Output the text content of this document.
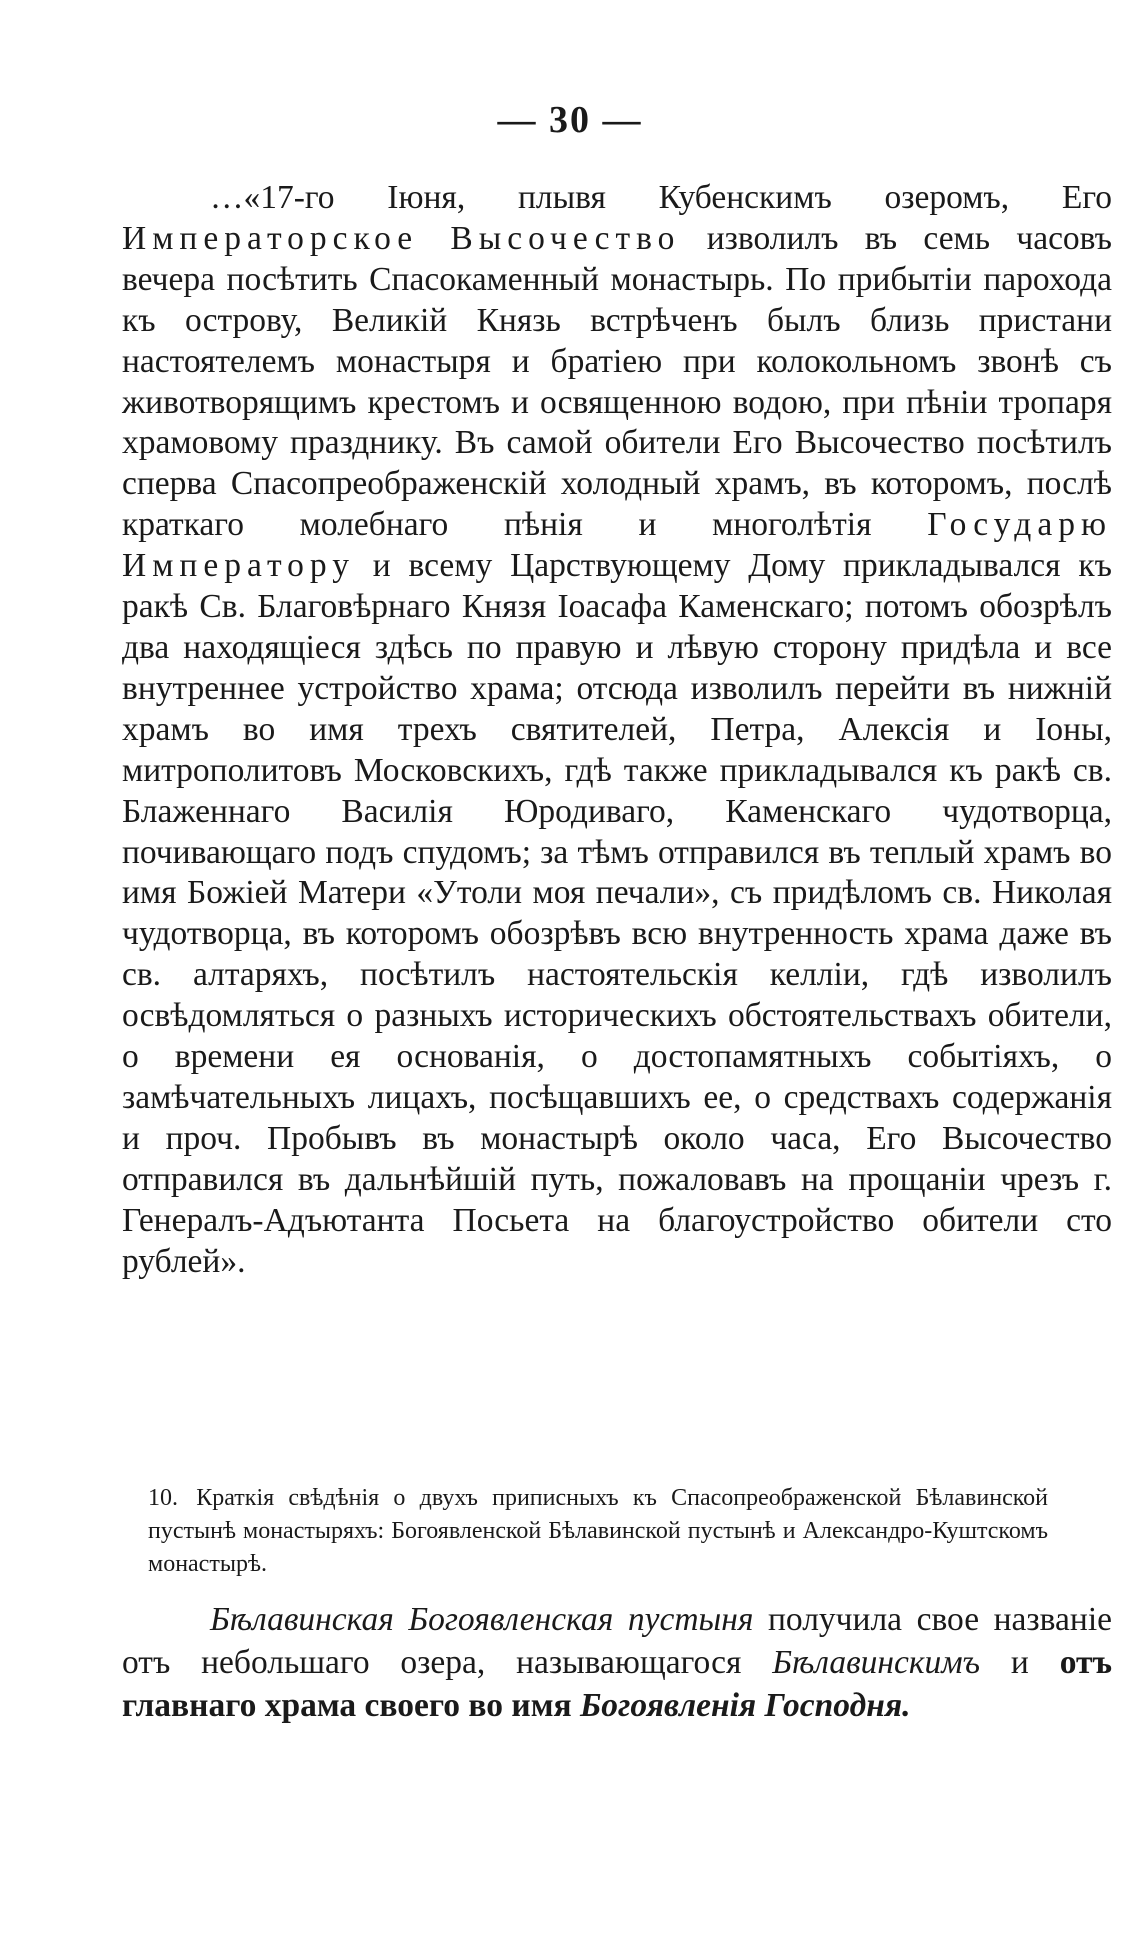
— 30 —

…«17-го Іюня, плывя Кубенскимъ озеромъ, Его Императорское Высочество изволилъ въ семь часовъ вечера посѣтить Спасокаменный монастырь. По прибытіи парохода къ острову, Великій Князь встрѣченъ былъ близь пристани настоятелемъ монастыря и братіею при колокольномъ звонѣ съ животворящимъ крестомъ и освященною водою, при пѣніи тропаря храмовому празднику. Въ самой обители Его Высочество посѣтилъ сперва Спасопреображенскій холодный храмъ, въ которомъ, послѣ краткаго молебнаго пѣнія и многолѣтія Государю Императору и всему Царствующему Дому прикладывался къ ракѣ Св. Благовѣрнаго Князя Іоасафа Каменскаго; потомъ обозрѣлъ два находящіеся здѣсь по правую и лѣвую сторону придѣла и все внутреннее устройство храма; отсюда изволилъ перейти въ нижній храмъ во имя трехъ святителей, Петра, Алексія и Іоны, митрополитовъ Московскихъ, гдѣ также прикладывался къ ракѣ св. Блаженнаго Василія Юродиваго, Каменскаго чудотворца, почивающаго подъ спудомъ; за тѣмъ отправился въ теплый храмъ во имя Божіей Матери «Утоли моя печали», съ придѣломъ св. Николая чудотворца, въ которомъ обозрѣвъ всю внутренность храма даже въ св. алтаряхъ, посѣтилъ настоятельскія келліи, гдѣ изволилъ освѣдомляться о разныхъ историческихъ обстоятельствахъ обители, о времени ея основанія, о достопамятныхъ событіяхъ, о замѣчательныхъ лицахъ, посѣщавшихъ ее, о средствахъ содержанія и проч. Пробывъ въ монастырѣ около часа, Его Высочество отправился въ дальнѣйшій путь, пожаловавъ на прощаніи чрезъ г. Генералъ-Адъютанта Посьета на благоустройство обители сто рублей».

10. Краткія свѣдѣнія о двухъ приписныхъ къ Спасопреображенской Бѣлавинской пустынѣ монастыряхъ: Богоявленской Бѣлавинской пустынѣ и Александро-Куштскомъ монастырѣ.

Бѣлавинская Богоявленская пустыня получила свое названіе отъ небольшаго озера, называющагося Бѣлавинскимъ и отъ главнаго храма своего во имя Богоявленія Господня.
